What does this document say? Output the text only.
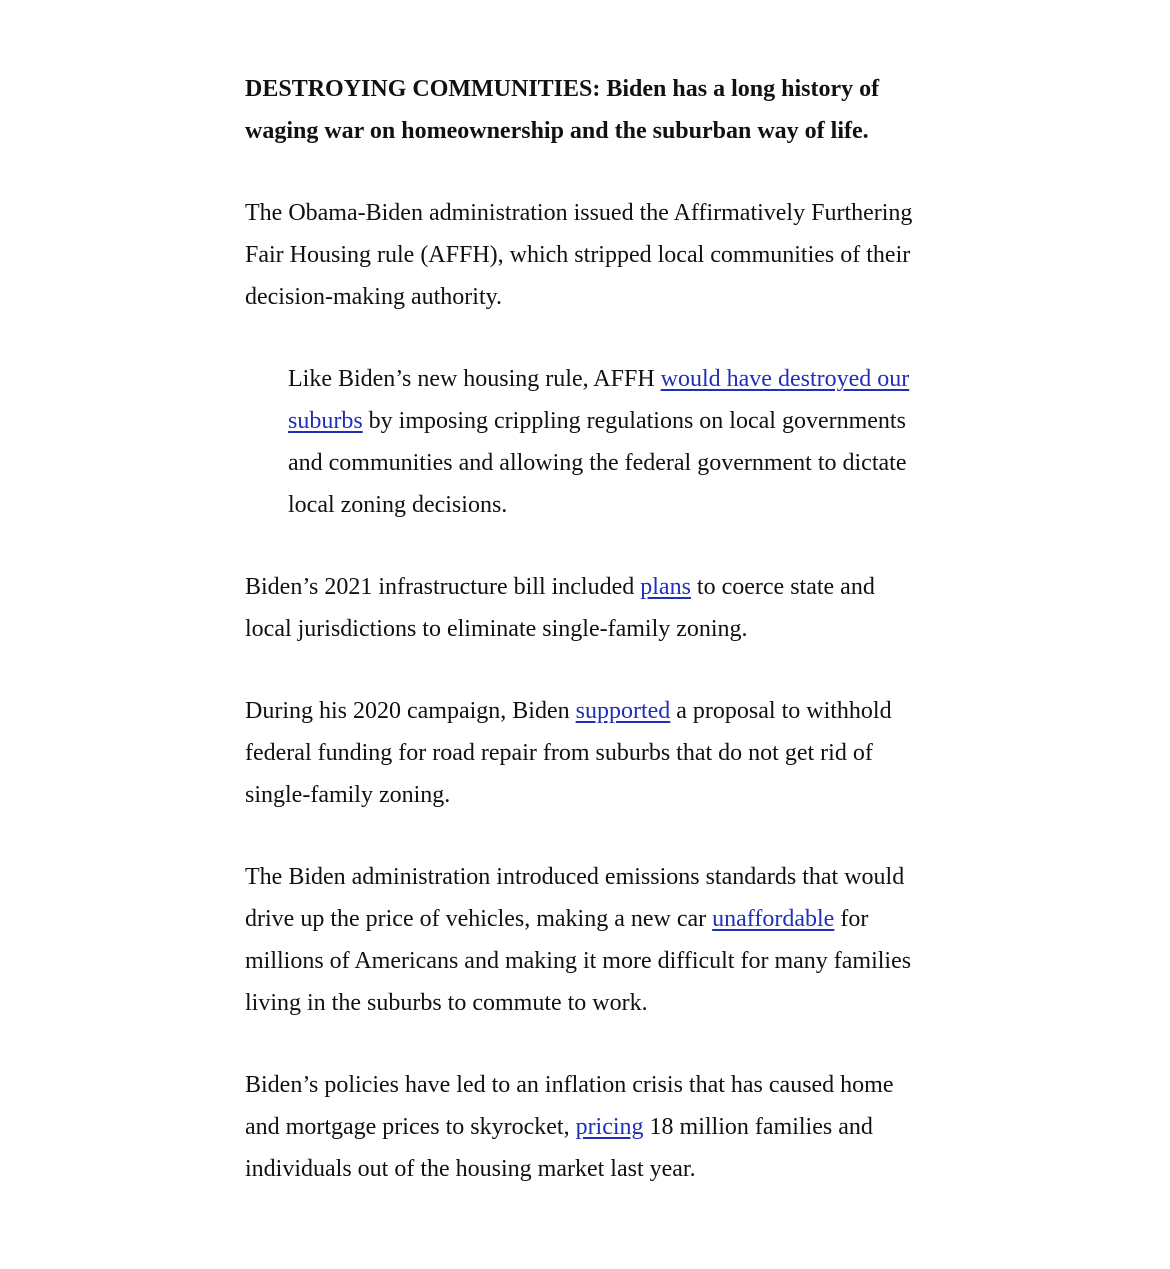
DESTROYING COMMUNITIES: Biden has a long history of waging war on homeownership and the suburban way of life.

The Obama-Biden administration issued the Affirmatively Furthering Fair Housing rule (AFFH), which stripped local communities of their decision-making authority.

Like Biden’s new housing rule, AFFH would have destroyed our suburbs by imposing crippling regulations on local governments and communities and allowing the federal government to dictate local zoning decisions.

Biden’s 2021 infrastructure bill included plans to coerce state and local jurisdictions to eliminate single-family zoning.

During his 2020 campaign, Biden supported a proposal to withhold federal funding for road repair from suburbs that do not get rid of single-family zoning.

The Biden administration introduced emissions standards that would drive up the price of vehicles, making a new car unaffordable for millions of Americans and making it more difficult for many families living in the suburbs to commute to work.

Biden’s policies have led to an inflation crisis that has caused home and mortgage prices to skyrocket, pricing 18 million families and individuals out of the housing market last year.
